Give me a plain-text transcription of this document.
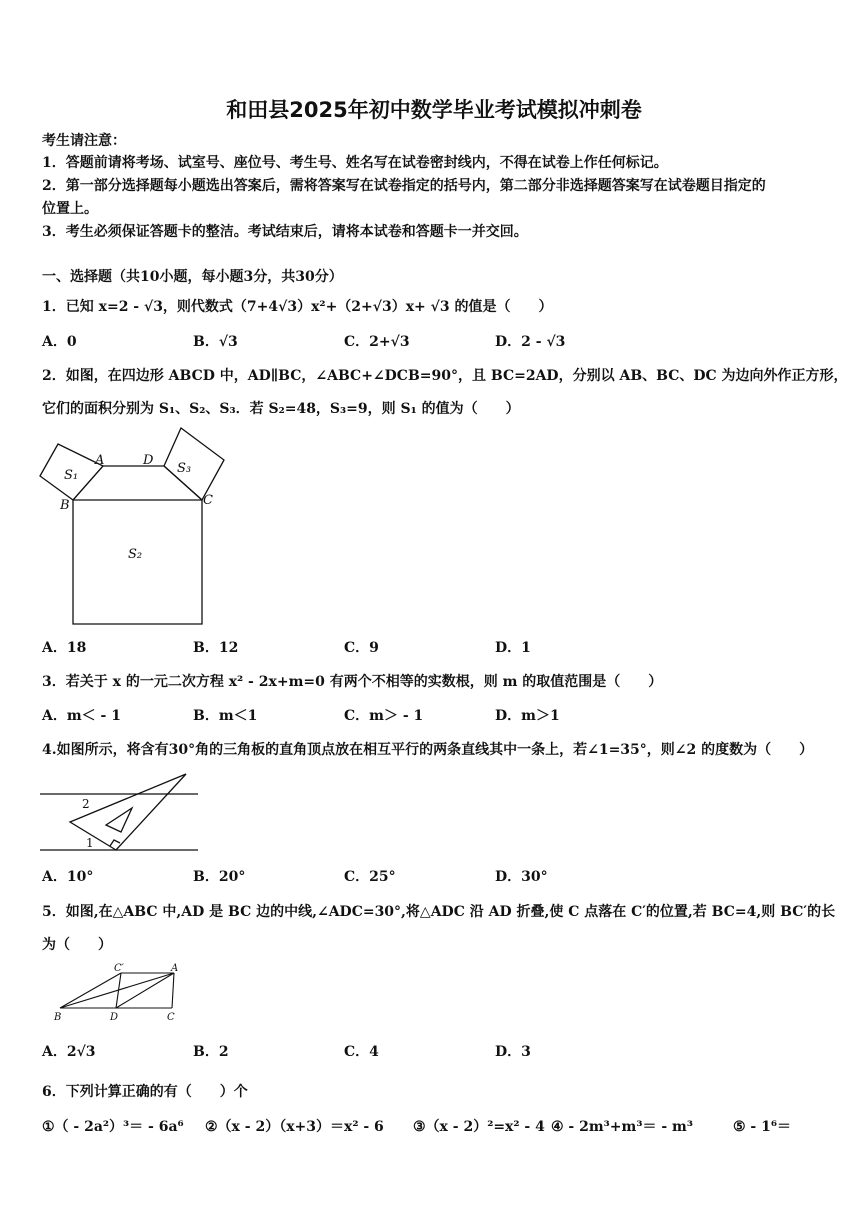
和田县2025年初中数学毕业考试模拟冲刺卷
考生请注意：
1．答题前请将考场、试室号、座位号、考生号、姓名写在试卷密封线内，不得在试卷上作任何标记。
2．第一部分选择题每小题选出答案后，需将答案写在试卷指定的括号内，第二部分非选择题答案写在试卷题目指定的
位置上。
3．考生必须保证答题卡的整洁。考试结束后，请将本试卷和答题卡一并交回。
一、选择题（共10小题，每小题3分，共30分）
1．已知 x=2 - √3，则代数式（7+4√3）x²+（2+√3）x+ √3 的值是（　　）
A．0	B．√3	C．2+√3	D．2 - √3
2．如图，在四边形 ABCD 中，AD∥BC，∠ABC+∠DCB=90°，且 BC=2AD，分别以 AB、BC、DC 为边向外作正方形，
它们的面积分别为 S₁、S₂、S₃．若 S₂=48，S₃=9，则 S₁ 的值为（　　）
S₁	S₃
S₂
A	D
B	C
A．18	B．12	C．9	D．1
3．若关于 x 的一元二次方程 x² - 2x+m=0 有两个不相等的实数根，则 m 的取值范围是（　　）
A．m＜ - 1	B．m＜1	C．m＞ - 1	D．m＞1
4.如图所示，将含有30°角的三角板的直角顶点放在相互平行的两条直线其中一条上，若∠1=35°，则∠2 的度数为（　　）
2
1
A．10°	B．20°	C．25°	D．30°
5．如图,在△ABC 中,AD 是 BC 边的中线,∠ADC=30°,将△ADC 沿 AD 折叠,使 C 点落在 C′的位置,若 BC=4,则 BC′的长
为（　　）
C′	A
B	D	C
A．2√3	B．2	C．4	D．3
6．下列计算正确的有（　　）个
①（ - 2a²）³＝ - 6a⁶ ②（x - 2）（x+3）＝x² - 6 ③（x - 2）²=x² - 4 ④ - 2m³+m³＝ - m³	⑤ - 1⁶＝
